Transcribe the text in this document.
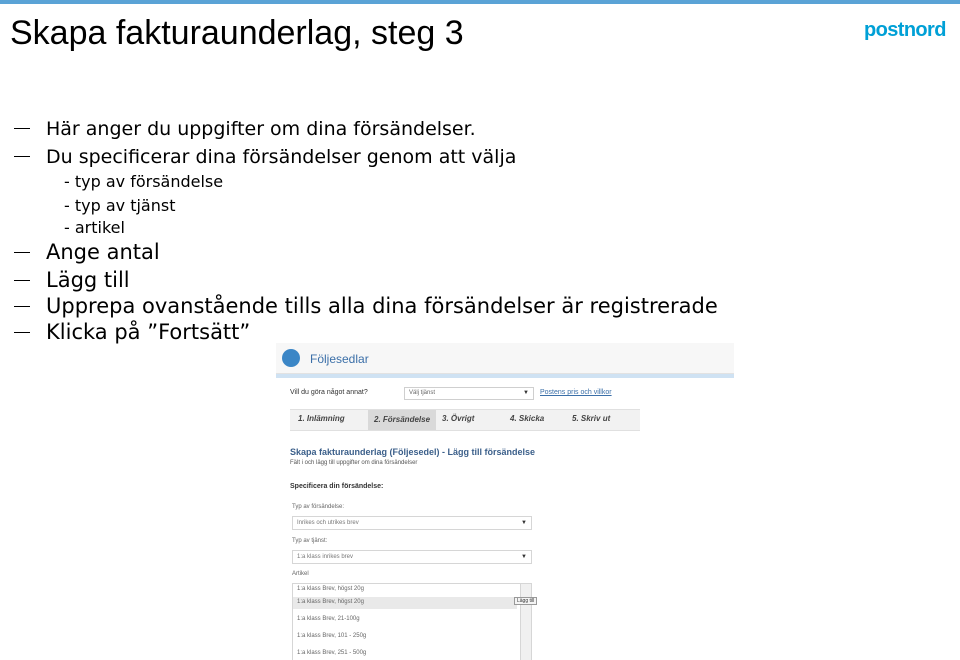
Skapa fakturaunderlag, steg 3	postnord
Här anger du uppgifter om dina försändelser.
Du specificerar dina försändelser genom att välja
- typ av försändelse
- typ av tjänst
- artikel
Ange antal
Lägg till
Upprepa ovanstående tills alla dina försändelser är registrerade
Klicka på ”Fortsätt”
Följesedlar
Vill du göra något annat?	Välj tjänst	▼ Postens pris och villkor
1. Inlämning	2. Försändelse	3. Övrigt	4. Skicka	5. Skriv ut
Skapa fakturaunderlag (Följesedel) - Lägg till försändelse
Fält i och lägg till uppgifter om dina försändelser
Specificera din försändelse:
Typ av försändelse:
Inrikes och utrikes brev	▼
Typ av tjänst:
1:a klass inrikes brev	▼
Artikel
1:a klass Brev, högst 20g
1:a klass Brev, högst 20g
1:a klass Brev, 21-100g
1:a klass Brev, 101 - 250g
1:a klass Brev, 251 - 500g
Lägg till
